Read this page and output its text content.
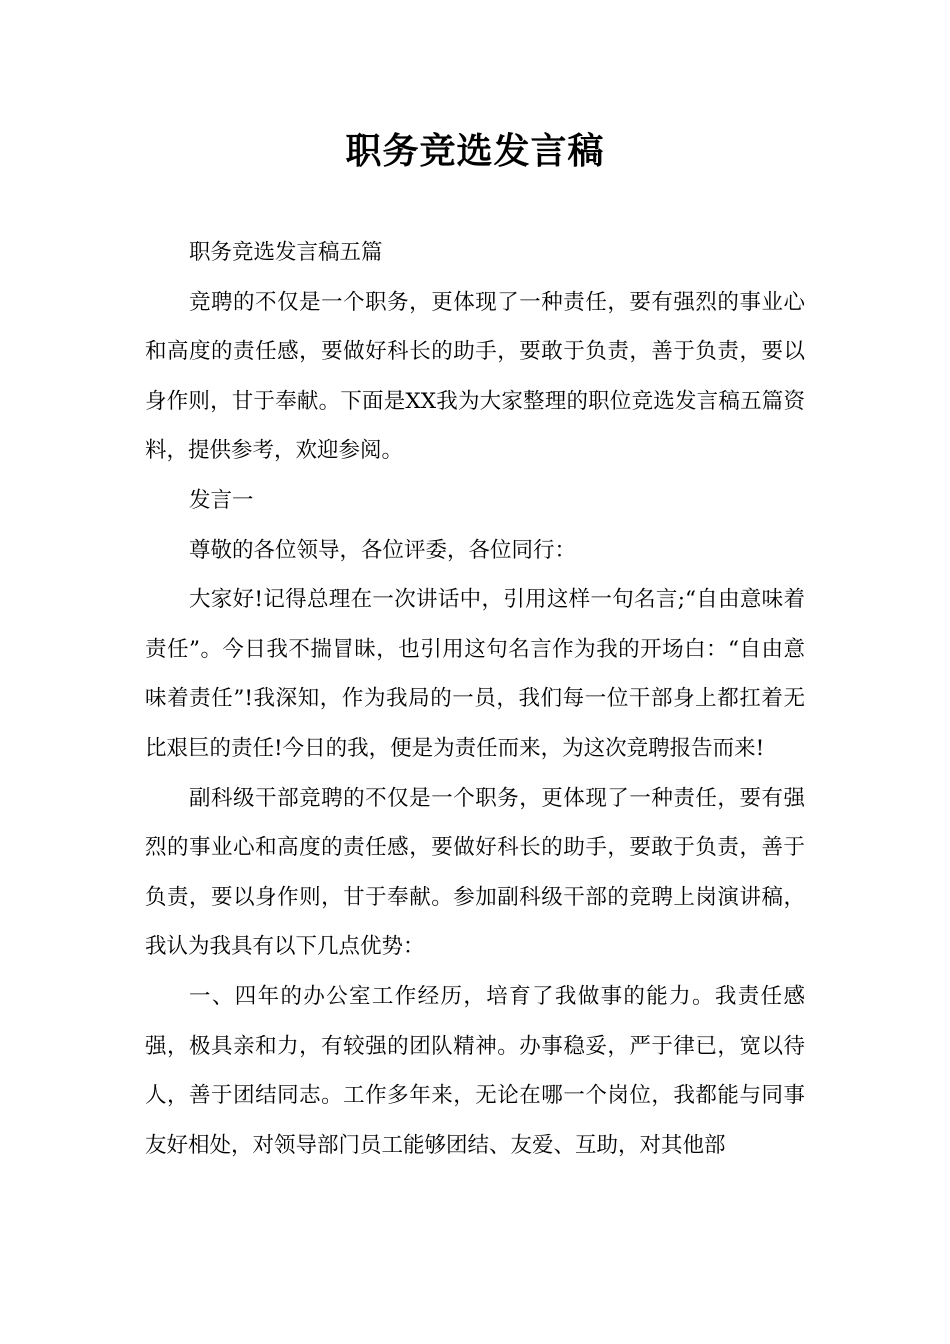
职务竞选发言稿

职务竞选发言稿五篇

竞聘的不仅是一个职务，更体现了一种责任，要有强烈的事业心和高度的责任感，要做好科长的助手，要敢于负责，善于负责，要以身作则，甘于奉献。下面是XX我为大家整理的职位竞选发言稿五篇资料，提供参考，欢迎参阅。

发言一

尊敬的各位领导，各位评委，各位同行：

大家好!记得总理在一次讲话中，引用这样一句名言;“自由意味着责任”。今日我不揣冒昧，也引用这句名言作为我的开场白：“自由意味着责任”!我深知，作为我局的一员，我们每一位干部身上都扛着无比艰巨的责任!今日的我，便是为责任而来，为这次竞聘报告而来!

副科级干部竞聘的不仅是一个职务，更体现了一种责任，要有强烈的事业心和高度的责任感，要做好科长的助手，要敢于负责，善于负责，要以身作则，甘于奉献。参加副科级干部的竞聘上岗演讲稿，我认为我具有以下几点优势：

一、四年的办公室工作经历，培育了我做事的能力。我责任感强，极具亲和力，有较强的团队精神。办事稳妥，严于律已，宽以待人，善于团结同志。工作多年来，无论在哪一个岗位，我都能与同事友好相处，对领导部门员工能够团结、友爱、互助，对其他部
